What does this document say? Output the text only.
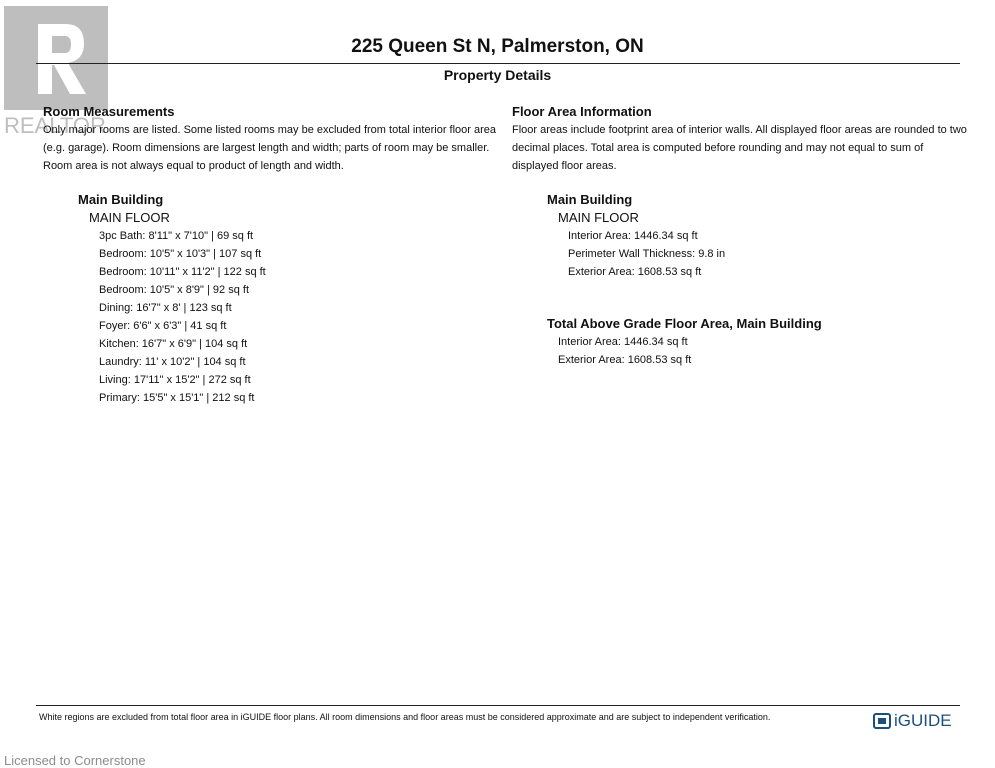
REALTOR
225 Queen St N, Palmerston, ON
Property Details
Room Measurements
Only major rooms are listed. Some listed rooms may be excluded from total interior floor area (e.g. garage). Room dimensions are largest length and width; parts of room may be smaller. Room area is not always equal to product of length and width.
Main Building
MAIN FLOOR
3pc Bath: 8'11" x 7'10" | 69 sq ft
Bedroom: 10'5" x 10'3" | 107 sq ft
Bedroom: 10'11" x 11'2" | 122 sq ft
Bedroom: 10'5" x 8'9" | 92 sq ft
Dining: 16'7" x 8' | 123 sq ft
Foyer: 6'6" x 6'3" | 41 sq ft
Kitchen: 16'7" x 6'9" | 104 sq ft
Laundry: 11' x 10'2" | 104 sq ft
Living: 17'11" x 15'2" | 272 sq ft
Primary: 15'5" x 15'1" | 212 sq ft
Floor Area Information
Floor areas include footprint area of interior walls. All displayed floor areas are rounded to two decimal places. Total area is computed before rounding and may not equal to sum of displayed floor areas.
Main Building
MAIN FLOOR
Interior Area: 1446.34 sq ft
Perimeter Wall Thickness: 9.8 in
Exterior Area: 1608.53 sq ft
Total Above Grade Floor Area, Main Building
Interior Area: 1446.34 sq ft
Exterior Area: 1608.53 sq ft
White regions are excluded from total floor area in iGUIDE floor plans. All room dimensions and floor areas must be considered approximate and are subject to independent verification.	iGUIDE
Licensed to Cornerstone
